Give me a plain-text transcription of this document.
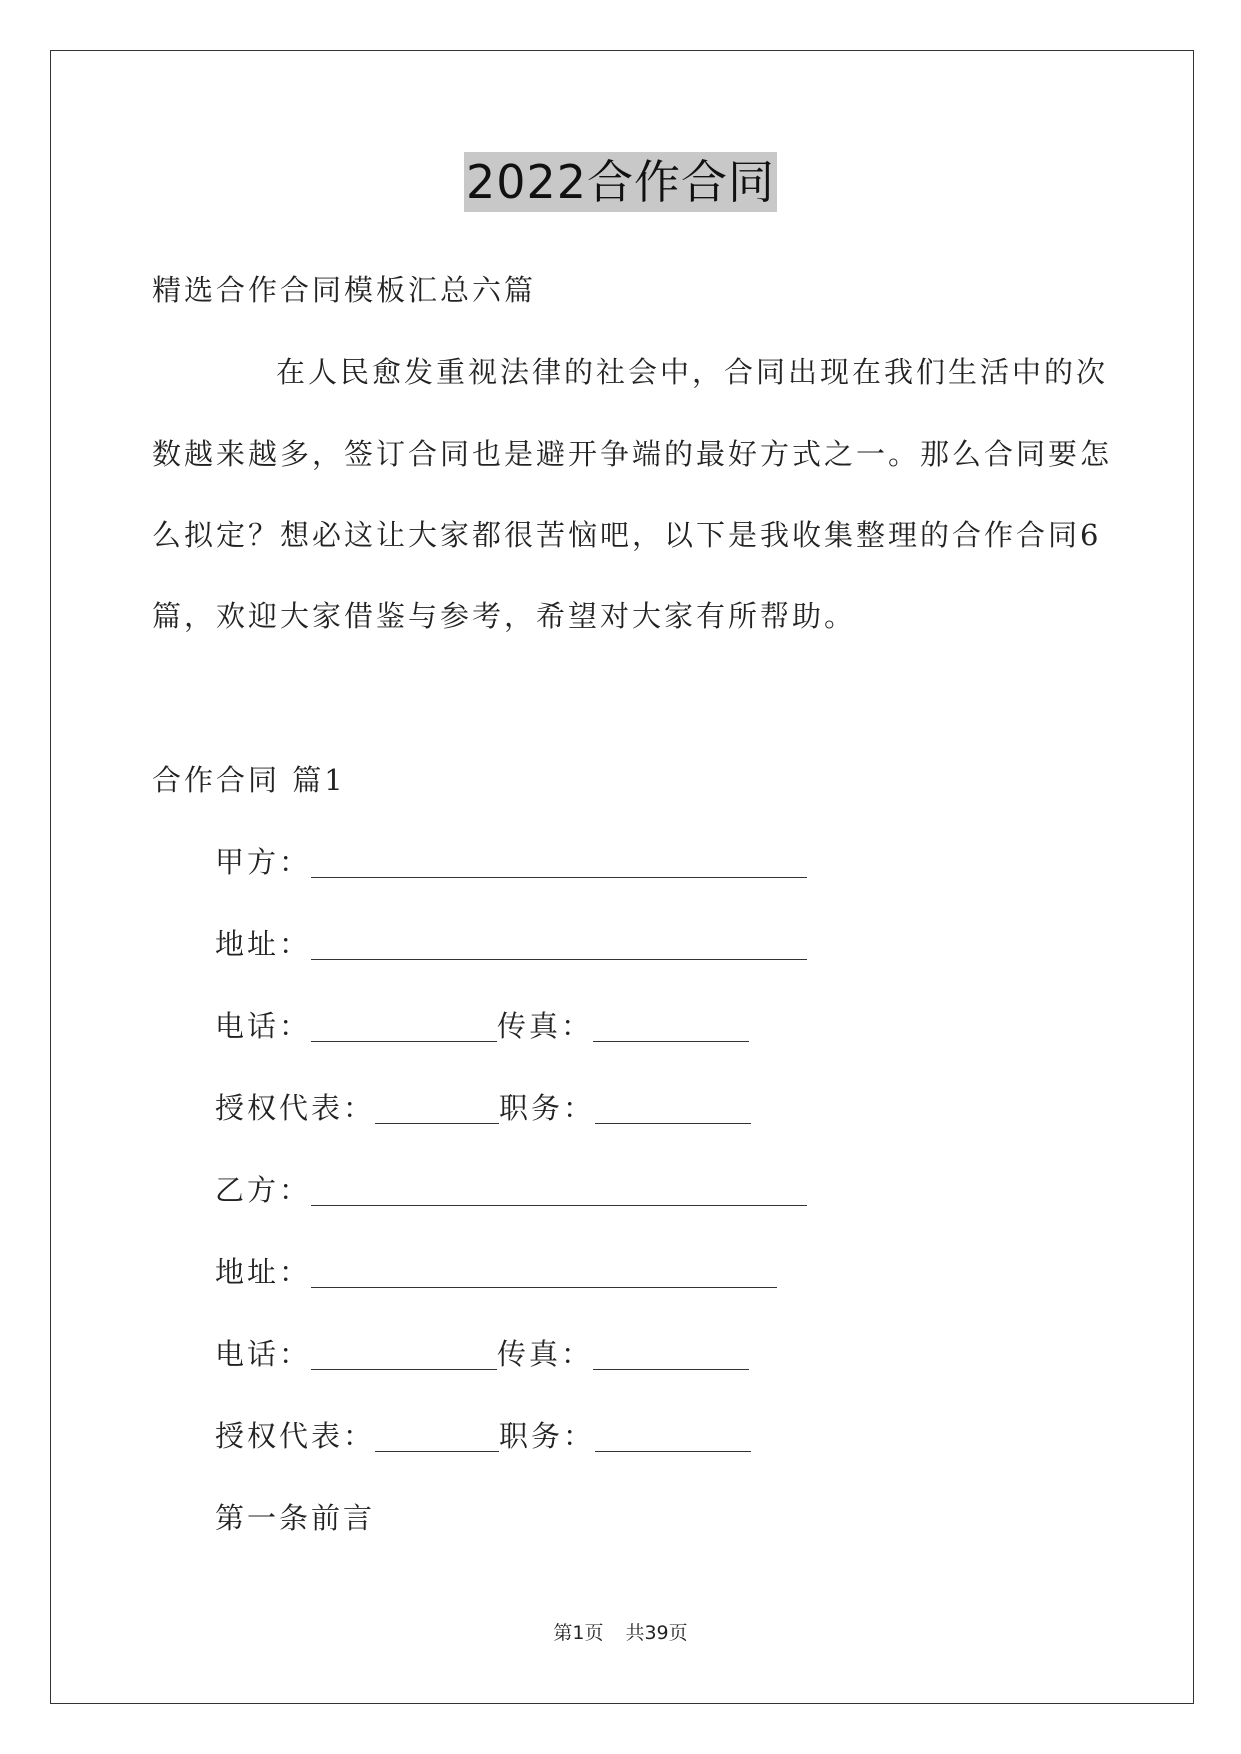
2022合作合同
精选合作合同模板汇总六篇
在人民愈发重视法律的社会中，合同出现在我们生活中的次
数越来越多，签订合同也是避开争端的最好方式之一。那么合同要怎
么拟定？想必这让大家都很苦恼吧，以下是我收集整理的合作合同6
篇，欢迎大家借鉴与参考，希望对大家有所帮助。
合作合同 篇1
甲方：
地址：
电话：	传真：
授权代表：	职务：
乙方：
地址：
电话：	传真：
授权代表：	职务：
第一条前言
第1页 共39页
